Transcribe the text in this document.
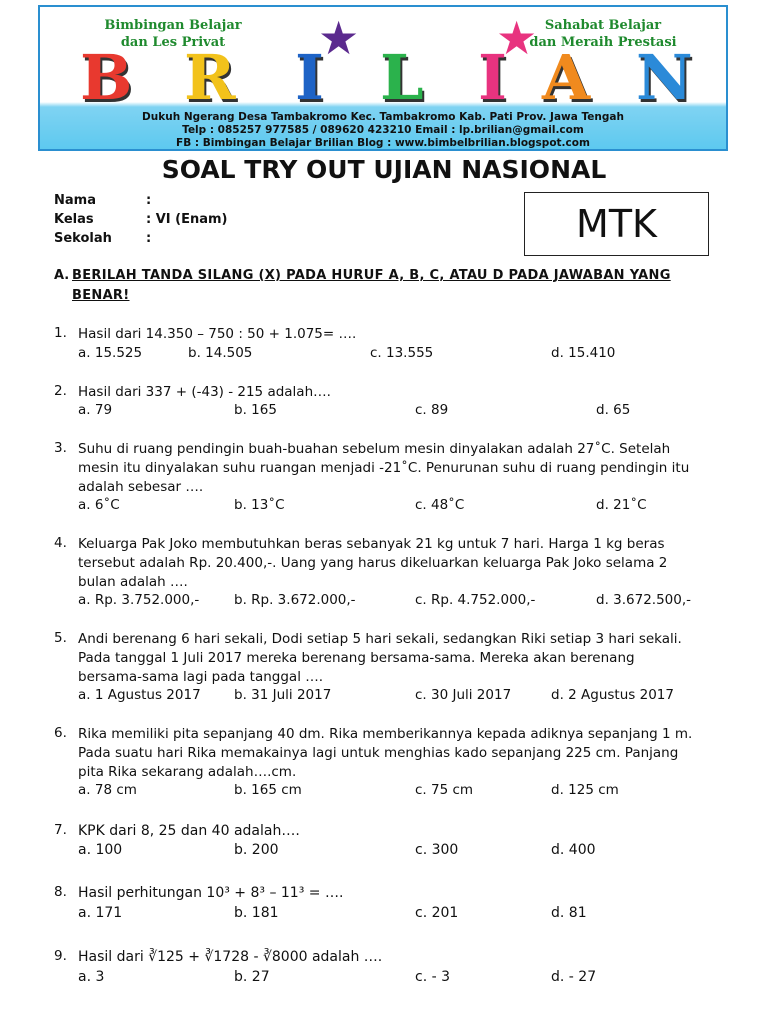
Bimbingan Belajar
dan Les Privat
Sahabat Belajar
dan Meraih Prestasi
★	★
B R I L I A N
Dukuh Ngerang Desa Tambakromo Kec. Tambakromo Kab. Pati Prov. Jawa Tengah
Telp : 085257 977585 / 089620 423210 Email : lp.brilian@gmail.com
FB : Bimbingan Belajar Brilian Blog : www.bimbelbrilian.blogspot.com
SOAL TRY OUT UJIAN NASIONAL
Nama	:
Kelas	: VI (Enam)
Sekolah	:	MTK
A. BERILAH TANDA SILANG (X) PADA HURUF A, B, C, ATAU D PADA JAWABAN YANG
BENAR!
1. Hasil dari 14.350 – 750 : 50 + 1.075= ….
a. 15.525	b. 14.505	c. 13.555	d. 15.410
2. Hasil dari 337 + (-43) - 215 adalah….
a. 79	b. 165	c. 89	d. 65
3. Suhu di ruang pendingin buah-buahan sebelum mesin dinyalakan adalah 27˚C. Setelah
mesin itu dinyalakan suhu ruangan menjadi -21˚C. Penurunan suhu di ruang pendingin itu
adalah sebesar ….
a. 6˚C	b. 13˚C	c. 48˚C	d. 21˚C
4. Keluarga Pak Joko membutuhkan beras sebanyak 21 kg untuk 7 hari. Harga 1 kg beras
tersebut adalah Rp. 20.400,-. Uang yang harus dikeluarkan keluarga Pak Joko selama 2
bulan adalah ….
a. Rp. 3.752.000,-	b. Rp. 3.672.000,-	c. Rp. 4.752.000,-	d. 3.672.500,-
5. Andi berenang 6 hari sekali, Dodi setiap 5 hari sekali, sedangkan Riki setiap 3 hari sekali.
Pada tanggal 1 Juli 2017 mereka berenang bersama-sama. Mereka akan berenang
bersama-sama lagi pada tanggal ….
a. 1 Agustus 2017 b. 31 Juli 2017	c. 30 Juli 2017	d. 2 Agustus 2017
6. Rika memiliki pita sepanjang 40 dm. Rika memberikannya kepada adiknya sepanjang 1 m.
Pada suatu hari Rika memakainya lagi untuk menghias kado sepanjang 225 cm. Panjang
pita Rika sekarang adalah….cm.
a. 78 cm	b. 165 cm	c. 75 cm	d. 125 cm
7. KPK dari 8, 25 dan 40 adalah….
a. 100	b. 200	c. 300	d. 400
8. Hasil perhitungan 10³ + 8³ – 11³ = ….
a. 171	b. 181	c. 201	d. 81
9. Hasil dari ∛125 + ∛1728 - ∛8000 adalah ….
a. 3	b. 27	c. - 3	d. - 27
